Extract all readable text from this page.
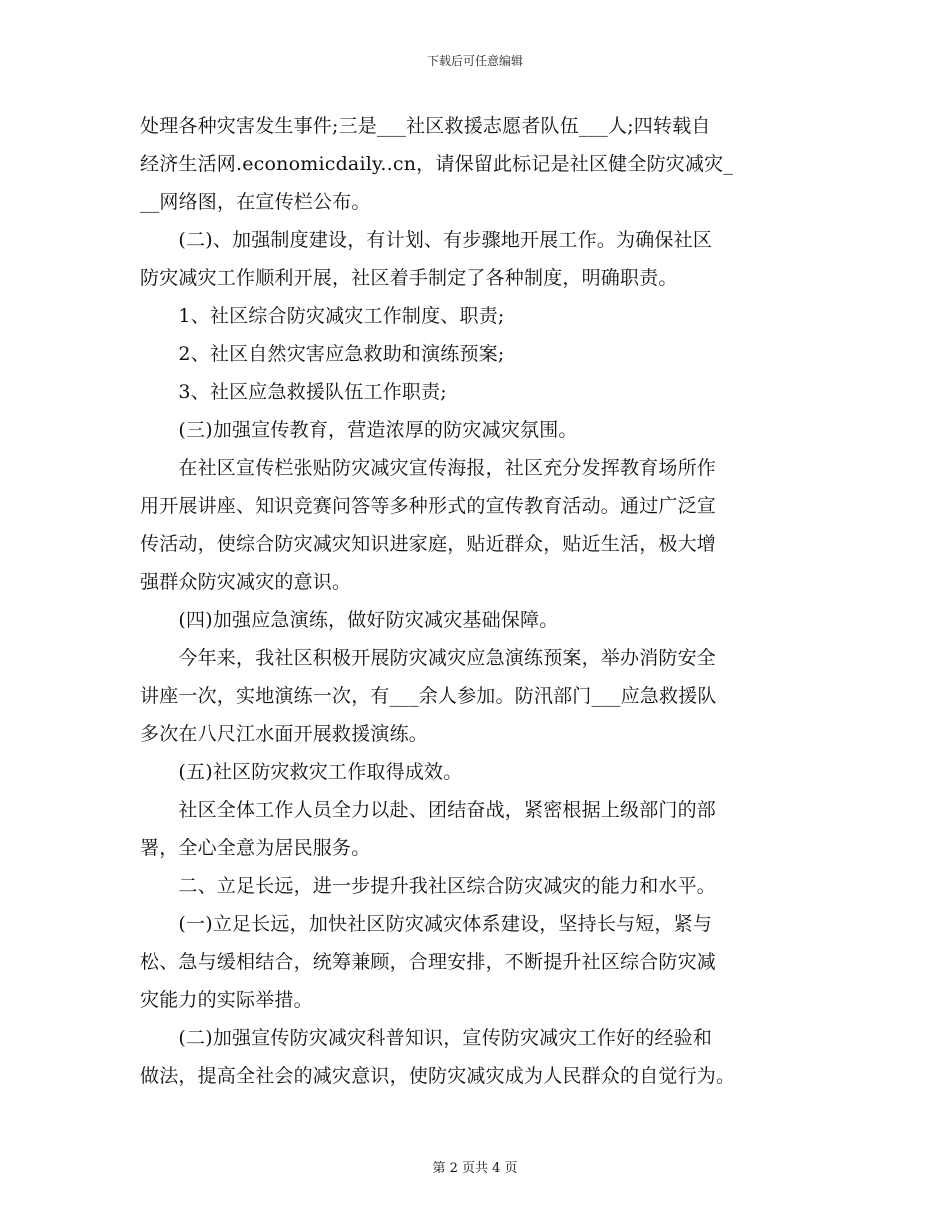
下载后可任意编辑
处理各种灾害发生事件;三是___社区救援志愿者队伍___人;四转载自
经济生活网.economicdaily..cn，请保留此标记是社区健全防灾减灾_
__网络图，在宣传栏公布。
　　(二)、加强制度建设，有计划、有步骤地开展工作。为确保社区
防灾减灾工作顺利开展，社区着手制定了各种制度，明确职责。
　　1、社区综合防灾减灾工作制度、职责;
　　2、社区自然灾害应急救助和演练预案;
　　3、社区应急救援队伍工作职责;
　　(三)加强宣传教育，营造浓厚的防灾减灾氛围。
　　在社区宣传栏张贴防灾减灾宣传海报，社区充分发挥教育场所作
用开展讲座、知识竞赛问答等多种形式的宣传教育活动。通过广泛宣
传活动，使综合防灾减灾知识进家庭，贴近群众，贴近生活，极大增
强群众防灾减灾的意识。
　　(四)加强应急演练，做好防灾减灾基础保障。
　　今年来，我社区积极开展防灾减灾应急演练预案，举办消防安全
讲座一次，实地演练一次，有___余人参加。防汛部门___应急救援队
多次在八尺江水面开展救援演练。
　　(五)社区防灾救灾工作取得成效。
　　社区全体工作人员全力以赴、团结奋战，紧密根据上级部门的部
署，全心全意为居民服务。
　　二、立足长远，进一步提升我社区综合防灾减灾的能力和水平。
　　(一)立足长远，加快社区防灾减灾体系建设，坚持长与短，紧与
松、急与缓相结合，统筹兼顾，合理安排，不断提升社区综合防灾减
灾能力的实际举措。
　　(二)加强宣传防灾减灾科普知识，宣传防灾减灾工作好的经验和
做法，提高全社会的减灾意识，使防灾减灾成为人民群众的自觉行为。
第 2 页共 4 页
